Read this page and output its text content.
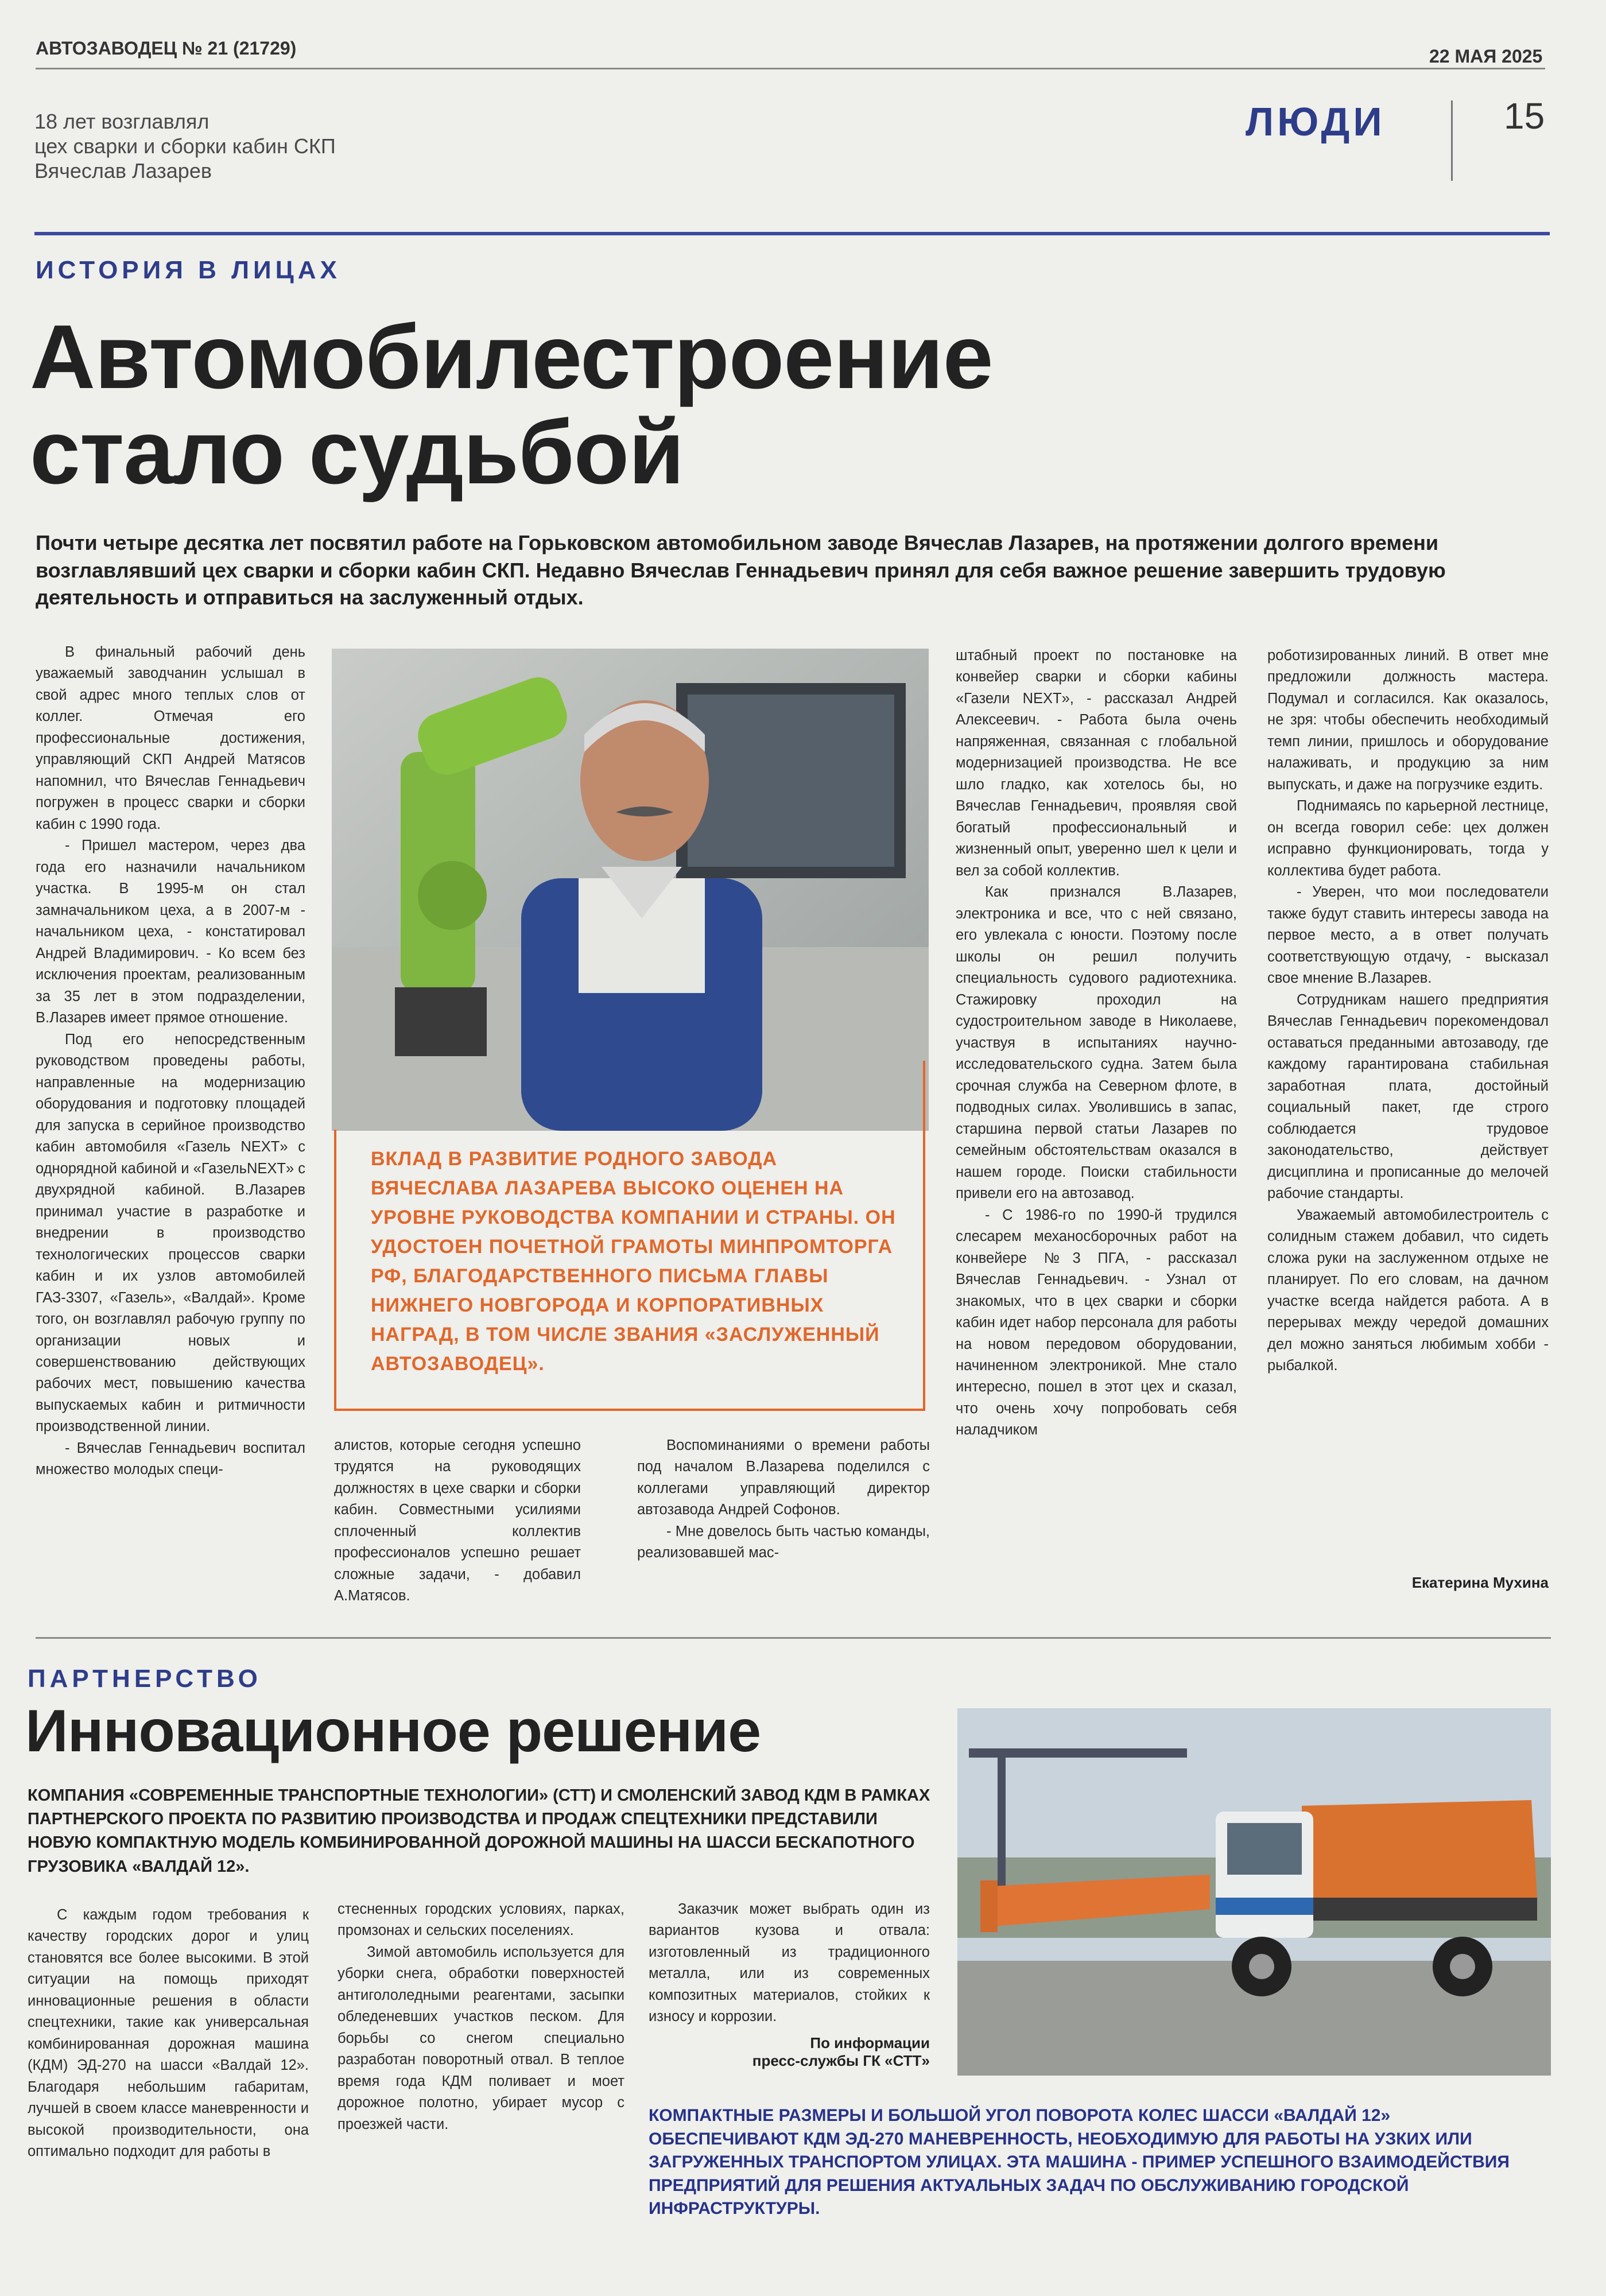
АВТОЗАВОДЕЦ № 21 (21729)	22 МАЯ 2025
18 лет возглавлял
цех сварки и сборки кабин СКП
Вячеслав Лазарев
ЛЮДИ	15
ИСТОРИЯ В ЛИЦАХ
Автомобилестроение
стало судьбой
Почти четыре десятка лет посвятил работе на Горьковском автомобильном заводе Вячеслав Лазарев, на протяжении долгого времени возглавлявший цех сварки и сборки кабин СКП. Недавно Вячеслав Геннадьевич принял для себя важное решение завершить трудовую деятельность и отправиться на заслуженный отдых.

В финальный рабочий день уважаемый заводчанин услышал в свой адрес много теплых слов от коллег. Отмечая его профессиональные достижения, управляющий СКП Андрей Матясов напомнил, что Вячеслав Геннадьевич погружен в процесс сварки и сборки кабин с 1990 года.

- Пришел мастером, через два года его назначили начальником участка. В 1995-м он стал замначальником цеха, а в 2007-м - начальником цеха, - констатировал Андрей Владимирович. - Ко всем без исключения проектам, реализованным за 35 лет в этом подразделении, В.Лазарев имеет прямое отношение.

Под его непосредственным руководством проведены работы, направленные на модернизацию оборудования и подготовку площадей для запуска в серийное производство кабин автомобиля «Газель NEXT» с однорядной кабиной и «ГазельNEXT» с двухрядной кабиной. В.Лазарев принимал участие в разработке и внедрении в производство технологических процессов сварки кабин и их узлов автомобилей ГАЗ-3307, «Газель», «Валдай». Кроме того, он возглавлял рабочую группу по организации новых и совершенствованию действующих рабочих мест, повышению качества выпускаемых кабин и ритмичности производственной линии.

- Вячеслав Геннадьевич воспитал множество молодых специ-

ВКЛАД В РАЗВИТИЕ РОДНОГО ЗАВОДА ВЯЧЕСЛАВА ЛАЗАРЕВА ВЫСОКО ОЦЕНЕН НА УРОВНЕ РУКОВОДСТВА КОМПАНИИ И СТРАНЫ. ОН УДОСТОЕН ПОЧЕТНОЙ ГРАМОТЫ МИНПРОМТОРГА РФ, БЛАГОДАРСТВЕННОГО ПИСЬМА ГЛАВЫ НИЖНЕГО НОВГОРОДА И КОРПОРАТИВНЫХ НАГРАД, В ТОМ ЧИСЛЕ ЗВАНИЯ «ЗАСЛУЖЕННЫЙ АВТОЗАВОДЕЦ».

алистов, которые сегодня успешно трудятся на руководящих должностях в цехе сварки и сборки кабин. Совместными усилиями сплоченный коллектив профессионалов успешно решает сложные задачи, - добавил А.Матясов.

Воспоминаниями о времени работы под началом В.Лазарева поделился с коллегами управляющий директор автозавода Андрей Софонов.

- Мне довелось быть частью команды, реализовавшей мас-

штабный проект по постановке на конвейер сварки и сборки кабины «Газели NEXT», - рассказал Андрей Алексеевич. - Работа была очень напряженная, связанная с глобальной модернизацией производства. Не все шло гладко, как хотелось бы, но Вячеслав Геннадьевич, проявляя свой богатый профессиональный и жизненный опыт, уверенно шел к цели и вел за собой коллектив.

Как признался В.Лазарев, электроника и все, что с ней связано, его увлекала с юности. Поэтому после школы он решил получить специальность судового радиотехника. Стажировку проходил на судостроительном заводе в Николаеве, участвуя в испытаниях научно-исследовательского судна. Затем была срочная служба на Северном флоте, в подводных силах. Уволившись в запас, старшина первой статьи Лазарев по семейным обстоятельствам оказался в нашем городе. Поиски стабильности привели его на автозавод.

- С 1986-го по 1990-й трудился слесарем механосборочных работ на конвейере №3 ПГА, - рассказал Вячеслав Геннадьевич. - Узнал от знакомых, что в цех сварки и сборки кабин идет набор персонала для работы на новом передовом оборудовании, начиненном электроникой. Мне стало интересно, пошел в этот цех и сказал, что очень хочу попробовать себя наладчиком

роботизированных линий. В ответ мне предложили должность мастера. Подумал и согласился. Как оказалось, не зря: чтобы обеспечить необходимый темп линии, пришлось и оборудование налаживать, и продукцию за ним выпускать, и даже на погрузчике ездить.

Поднимаясь по карьерной лестнице, он всегда говорил себе: цех должен исправно функционировать, тогда у коллектива будет работа.

- Уверен, что мои последователи также будут ставить интересы завода на первое место, а в ответ получать соответствующую отдачу, - высказал свое мнение В.Лазарев.

Сотрудникам нашего предприятия Вячеслав Геннадьевич порекомендовал оставаться преданными автозаводу, где каждому гарантирована стабильная заработная плата, достойный социальный пакет, где строго соблюдается трудовое законодательство, действует дисциплина и прописанные до мелочей рабочие стандарты.

Уважаемый автомобилестроитель с солидным стажем добавил, что сидеть сложа руки на заслуженном отдыхе не планирует. По его словам, на дачном участке всегда найдется работа. А в перерывах между чередой домашних дел можно заняться любимым хобби - рыбалкой.

Екатерина Мухина
ПАРТНЕРСТВО
Инновационное решение
КОМПАНИЯ «СОВРЕМЕННЫЕ ТРАНСПОРТНЫЕ ТЕХНОЛОГИИ» (СТТ) И СМОЛЕНСКИЙ ЗАВОД КДМ В РАМКАХ ПАРТНЕРСКОГО ПРОЕКТА ПО РАЗВИТИЮ ПРОИЗВОДСТВА И ПРОДАЖ СПЕЦТЕХНИКИ ПРЕДСТАВИЛИ НОВУЮ КОМПАКТНУЮ МОДЕЛЬ КОМБИНИРОВАННОЙ ДОРОЖНОЙ МАШИНЫ НА ШАССИ БЕСКАПОТНОГО ГРУЗОВИКА «ВАЛДАЙ 12».

С каждым годом требования к качеству городских дорог и улиц становятся все более высокими. В этой ситуации на помощь приходят инновационные решения в области спецтехники, такие как универсальная комбинированная дорожная машина (КДМ) ЭД-270 на шасси «Валдай 12». Благодаря небольшим габаритам, лучшей в своем классе маневренности и высокой производительности, она оптимально подходит для работы в

стесненных городских условиях, парках, промзонах и сельских поселениях.

Зимой автомобиль используется для уборки снега, обработки поверхностей антигололедными реагентами, засыпки обледеневших участков песком. Для борьбы со снегом специально разработан поворотный отвал. В теплое время года КДМ поливает и моет дорожное полотно, убирает мусор с проезжей части.

Заказчик может выбрать один из вариантов кузова и отвала: изготовленный из традиционного металла, или из современных композитных материалов, стойких к износу и коррозии.

По информации
пресс-службы ГК «СТТ»
КОМПАКТНЫЕ РАЗМЕРЫ И БОЛЬШОЙ УГОЛ ПОВОРОТА КОЛЕС ШАССИ «ВАЛДАЙ 12» ОБЕСПЕЧИВАЮТ КДМ ЭД-270 МАНЕВРЕННОСТЬ, НЕОБХОДИМУЮ ДЛЯ РАБОТЫ НА УЗКИХ ИЛИ ЗАГРУЖЕННЫХ ТРАНСПОРТОМ УЛИЦАХ. ЭТА МАШИНА - ПРИМЕР УСПЕШНОГО ВЗАИМОДЕЙСТВИЯ ПРЕДПРИЯТИЙ ДЛЯ РЕШЕНИЯ АКТУАЛЬНЫХ ЗАДАЧ ПО ОБСЛУЖИВАНИЮ ГОРОДСКОЙ ИНФРАСТРУКТУРЫ.
